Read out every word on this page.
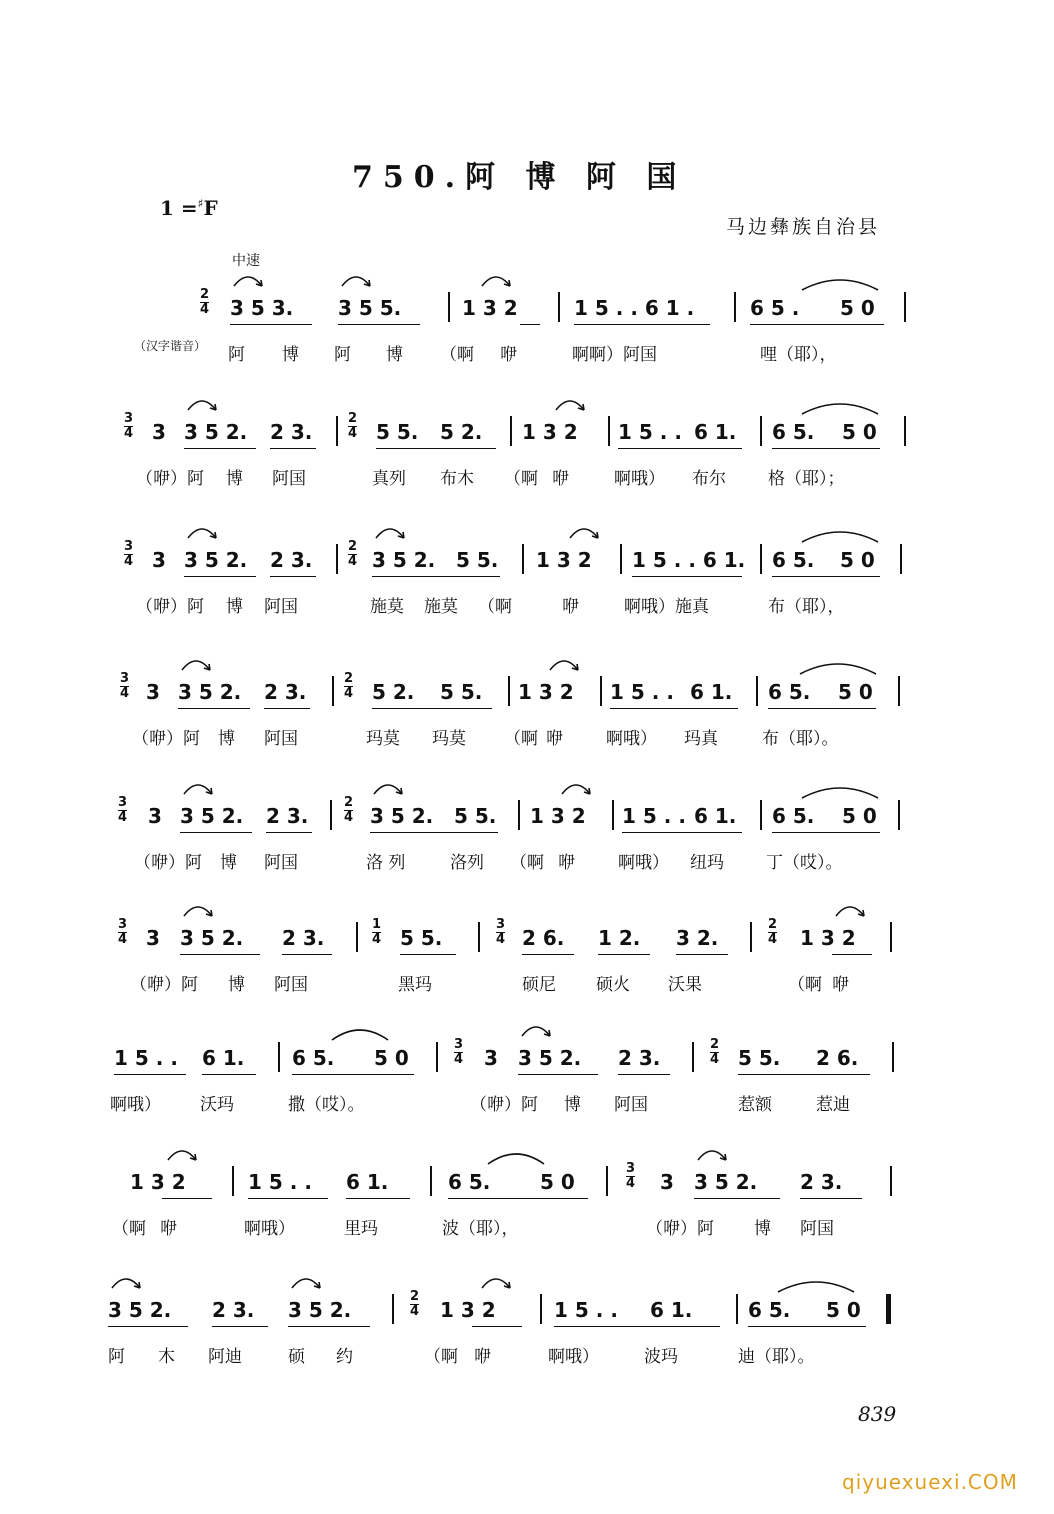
750.阿 博 阿 国
1 =♯F
马边彝族自治县
中速
2
4 3 5 3. 3 5 5.	1 3 2	1 5 . . 6 1 .	6 5 . 5 0
（汉字谐音） 阿 博 阿 博 （啊 咿	啊啊）阿国	哩（耶），
3
4 3 3 5 2. 2 3.
2
4 5 5. 5 2. 1 3 2 1 5 . . 6 1. 6 5. 5 0
（咿）阿 博 阿国	真列 布木 （啊 咿	啊哦） 布尔 格（耶）；
3
4 3 3 5 2. 2 3.
2
4 3 5 2. 5 5. 1 3 2 1 5 . . 6 1. 6 5. 5 0
（咿）阿 博 阿国	施莫 施莫 （啊	咿	啊哦）施真	布（耶），
3
4 3 3 5 2. 2 3.
2
4 5 2. 5 5. 1 3 2 1 5 . . 6 1. 6 5. 5 0
（咿）阿 博 阿国	玛莫 玛莫 （啊 咿	啊哦） 玛真	布（耶）。
3
4 3 3 5 2. 2 3.
2
4 3 5 2. 5 5. 1 3 2 1 5 . . 6 1. 6 5. 5 0
（咿）阿 博 阿国	洛 列	洛列 （啊 咿	啊哦） 纽玛 丁（哎）。
3
4 3 3 5 2. 2 3.
1
4 5 5.
3
4 2 6. 1 2. 3 2.
2
4 1 3 2
（咿）阿 博 阿国	黑玛	硕尼 硕火 沃果	（啊 咿
1 5 . . 6 1. 6 5. 5 0
3
4 3 3 5 2. 2 3.
2
4 5 5. 2 6.
啊哦） 沃玛	撒（哎）。	（咿）阿 博 阿国	惹额	惹迪
1 3 2	1 5 . . 6 1.	6 5. 5 0
3
4 3 3 5 2. 2 3.
（啊 咿	啊哦）	里玛	波（耶），	（咿）阿 博 阿国
3 5 2. 2 3. 3 5 2.
2
4 1 3 2	1 5 . . 6 1.	6 5. 5 0
阿 木 阿迪	硕 约	（啊 咿	啊哦）	波玛	迪（耶）。
839
qiyuexuexi.COM
